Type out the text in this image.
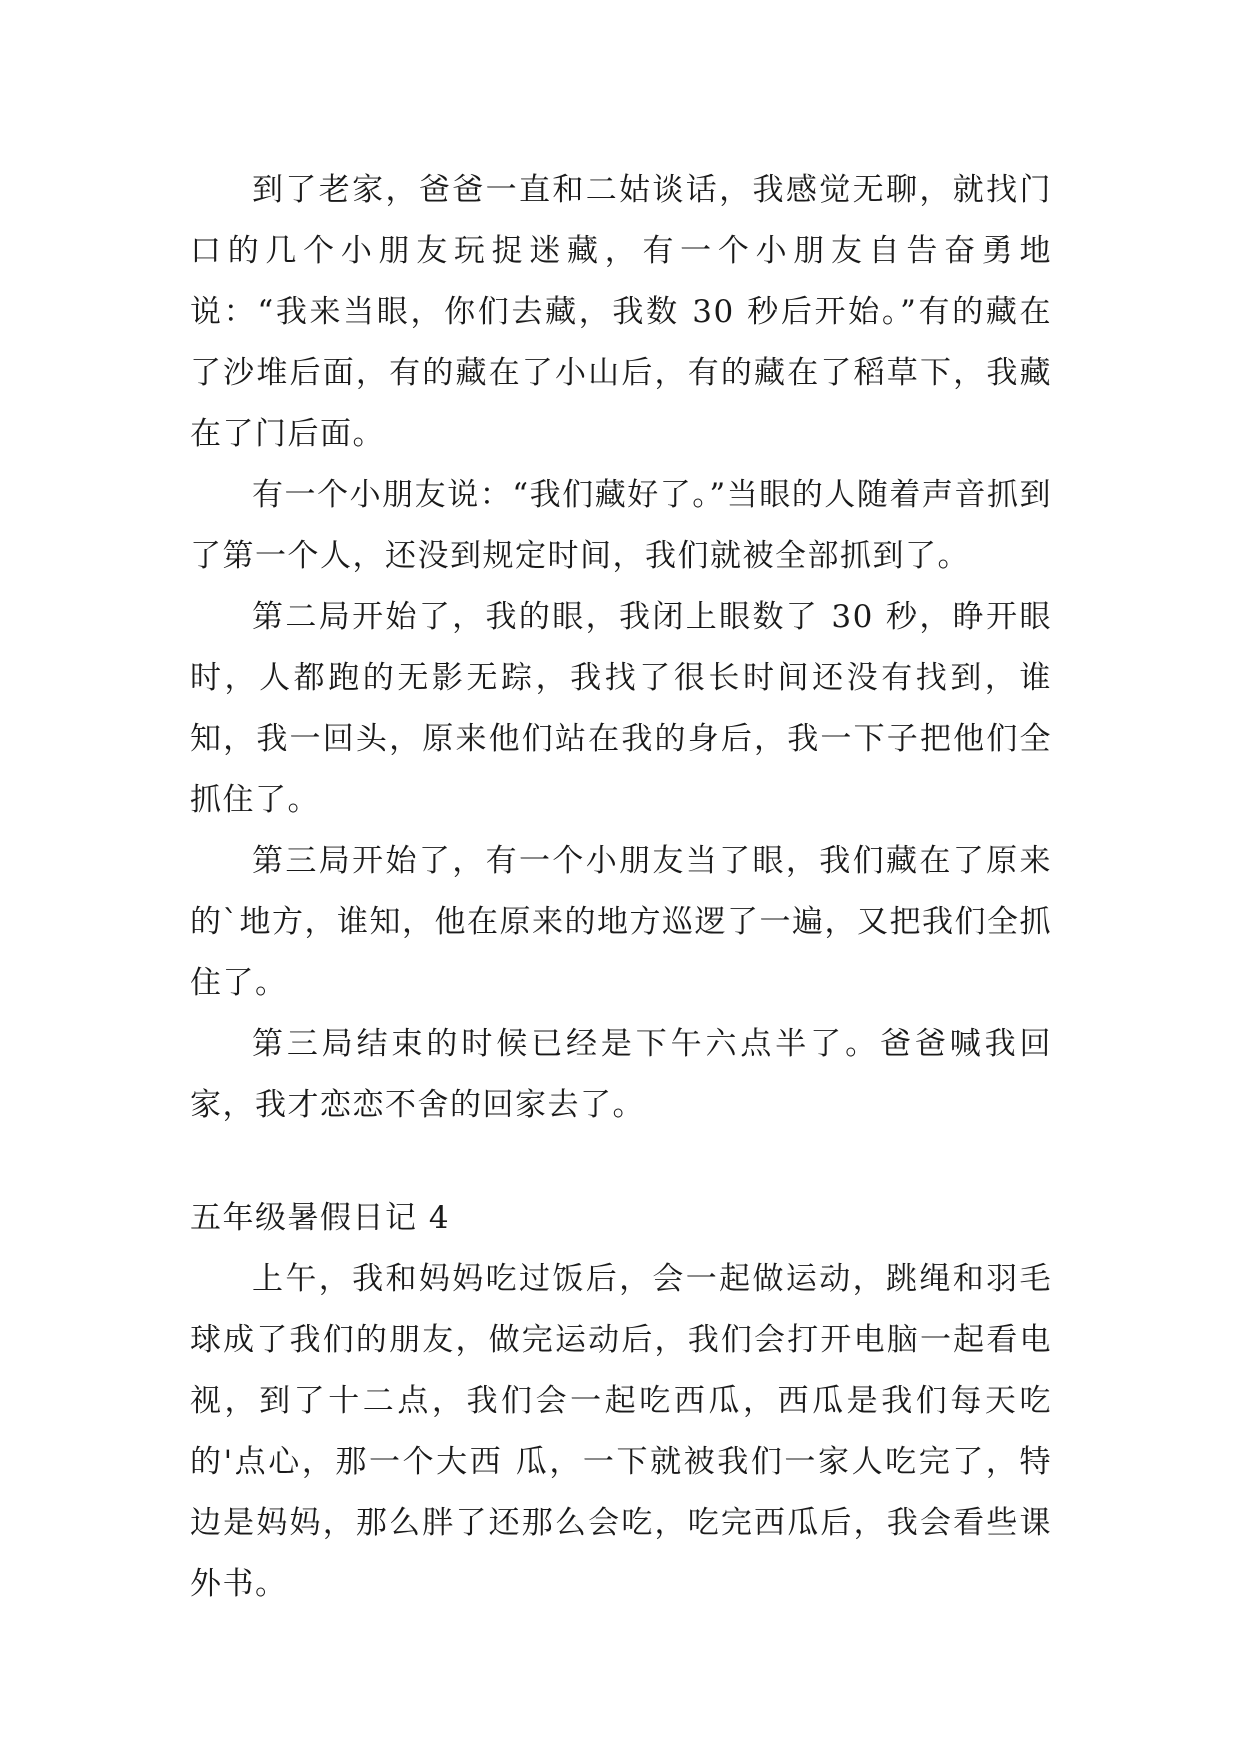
到了老家，爸爸一直和二姑谈话，我感觉无聊，就找门口的几个小朋友玩捉迷藏，有一个小朋友自告奋勇地说：“我来当眼，你们去藏，我数 30 秒后开始。”有的藏在了沙堆后面，有的藏在了小山后，有的藏在了稻草下，我藏在了门后面。

有一个小朋友说：“我们藏好了。”当眼的人随着声音抓到了第一个人，还没到规定时间，我们就被全部抓到了。

第二局开始了，我的眼，我闭上眼数了 30 秒，睁开眼时，人都跑的无影无踪，我找了很长时间还没有找到，谁知，我一回头，原来他们站在我的身后，我一下子把他们全抓住了。

第三局开始了，有一个小朋友当了眼，我们藏在了原来的`地方，谁知，他在原来的地方巡逻了一遍，又把我们全抓住了。

第三局结束的时候已经是下午六点半了。爸爸喊我回家，我才恋恋不舍的回家去了。

五年级暑假日记 4

上午，我和妈妈吃过饭后，会一起做运动，跳绳和羽毛球成了我们的朋友，做完运动后，我们会打开电脑一起看电视，到了十二点，我们会一起吃西瓜，西瓜是我们每天吃的'点心，那一个大西 瓜，一下就被我们一家人吃完了，特边是妈妈，那么胖了还那么会吃，吃完西瓜后，我会看些课外书。
